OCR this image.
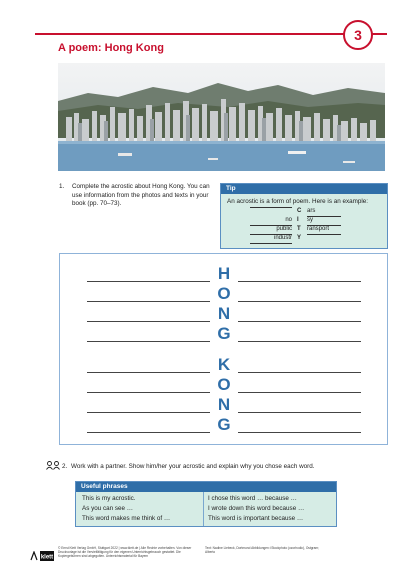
3
A poem: Hong Kong
1. Complete the acrostic about Hong Kong. You can use information from the photos and texts in your book (pp. 70–73).
Tip
An acrostic is a form of poem. Here is an example:
C ars
no I sy
public T ransport
industr Y
H
O
N
G
K
O
N
G
2. Work with a partner. Show him/her your acrostic and explain why you chose each word.
Useful phrases
This is my acrostic.
As you can see …
This word makes me think of …
I chose this word … because …
I wrote down this word because …
This word is important because …
klett
© Ernst Klett Verlag GmbH, Stuttgart 2022 | www.klett.de | Alle Rechte vorbehalten. Von dieser Druckvorlage ist die Vervielfältigung für den eigenen Unterrichtsgebrauch gestattet. Die Kopiergebühren sind abgegolten. Unterrichtsmaterial für Bayern
Text: Nadine Liebeck, Dortmund Abbildungen: iStockphoto (ozorhodic), Ostgram; Alberto
